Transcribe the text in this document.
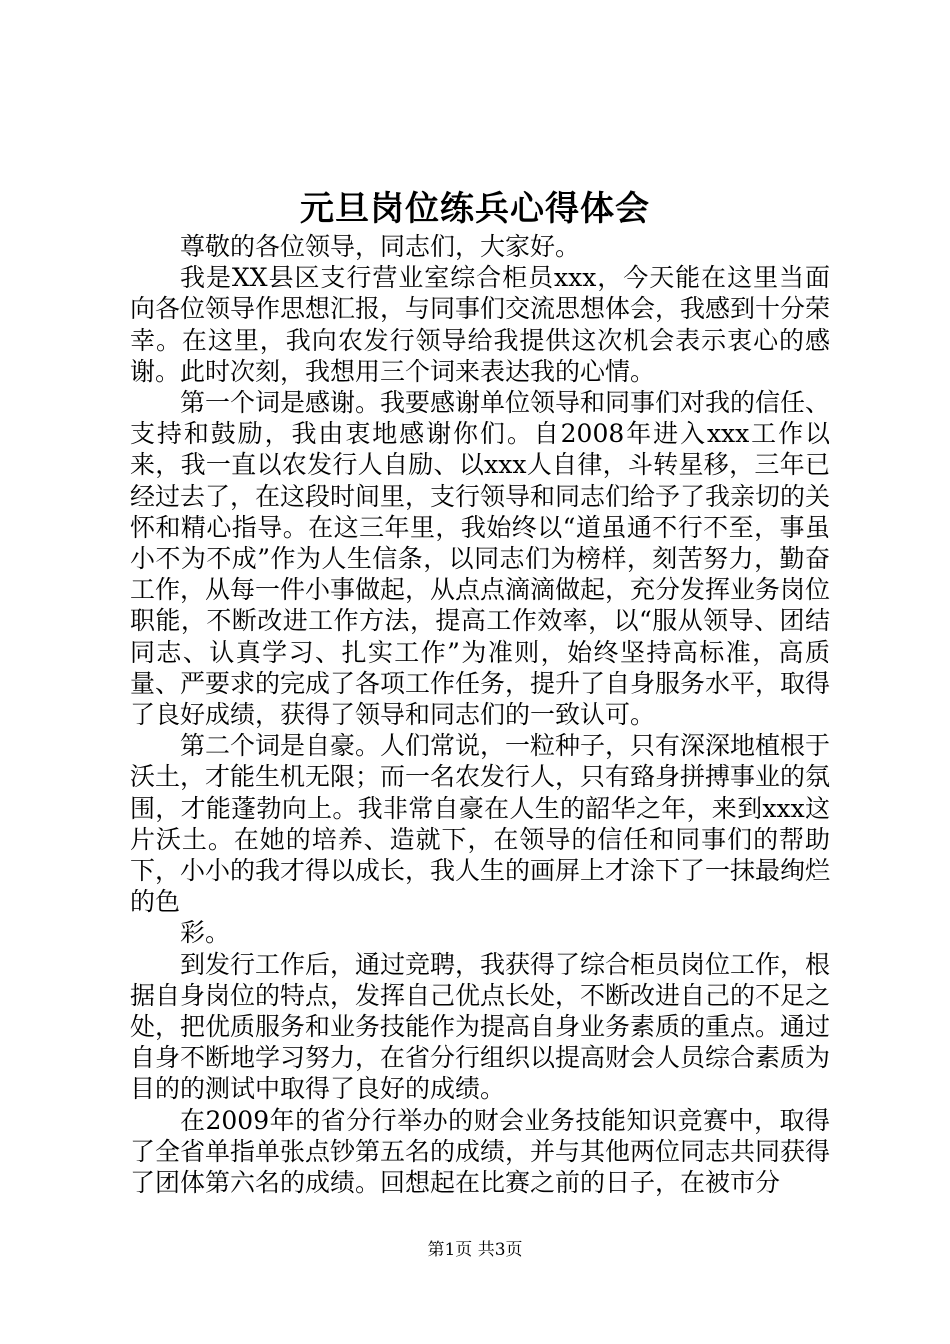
元旦岗位练兵心得体会

尊敬的各位领导，同志们，大家好。

我是XX县区支行营业室综合柜员xxx，今天能在这里当面向各位领导作思想汇报，与同事们交流思想体会，我感到十分荣幸。在这里，我向农发行领导给我提供这次机会表示衷心的感谢。此时次刻，我想用三个词来表达我的心情。

第一个词是感谢。我要感谢单位领导和同事们对我的信任、支持和鼓励，我由衷地感谢你们。自2008年进入xxx工作以来，我一直以农发行人自励、以xxx人自律，斗转星移，三年已经过去了，在这段时间里，支行领导和同志们给予了我亲切的关怀和精心指导。在这三年里，我始终以“道虽通不行不至，事虽小不为不成”作为人生信条，以同志们为榜样，刻苦努力，勤奋工作，从每一件小事做起，从点点滴滴做起，充分发挥业务岗位职能，不断改进工作方法，提高工作效率，以“服从领导、团结同志、认真学习、扎实工作”为准则，始终坚持高标准，高质量、严要求的完成了各项工作任务，提升了自身服务水平，取得了良好成绩，获得了领导和同志们的一致认可。

第二个词是自豪。人们常说，一粒种子，只有深深地植根于沃土，才能生机无限；而一名农发行人，只有臵身拼搏事业的氛围，才能蓬勃向上。我非常自豪在人生的韶华之年，来到xxx这片沃土。在她的培养、造就下，在领导的信任和同事们的帮助下，小小的我才得以成长，我人生的画屏上才涂下了一抹最绚烂的色

彩。

到发行工作后，通过竞聘，我获得了综合柜员岗位工作，根据自身岗位的特点，发挥自己优点长处，不断改进自己的不足之处，把优质服务和业务技能作为提高自身业务素质的重点。通过自身不断地学习努力，在省分行组织以提高财会人员综合素质为目的的测试中取得了良好的成绩。

在2009年的省分行举办的财会业务技能知识竞赛中，取得了全省单指单张点钞第五名的成绩，并与其他两位同志共同获得了团体第六名的成绩。回想起在比赛之前的日子，在被市分

第1页 共3页
